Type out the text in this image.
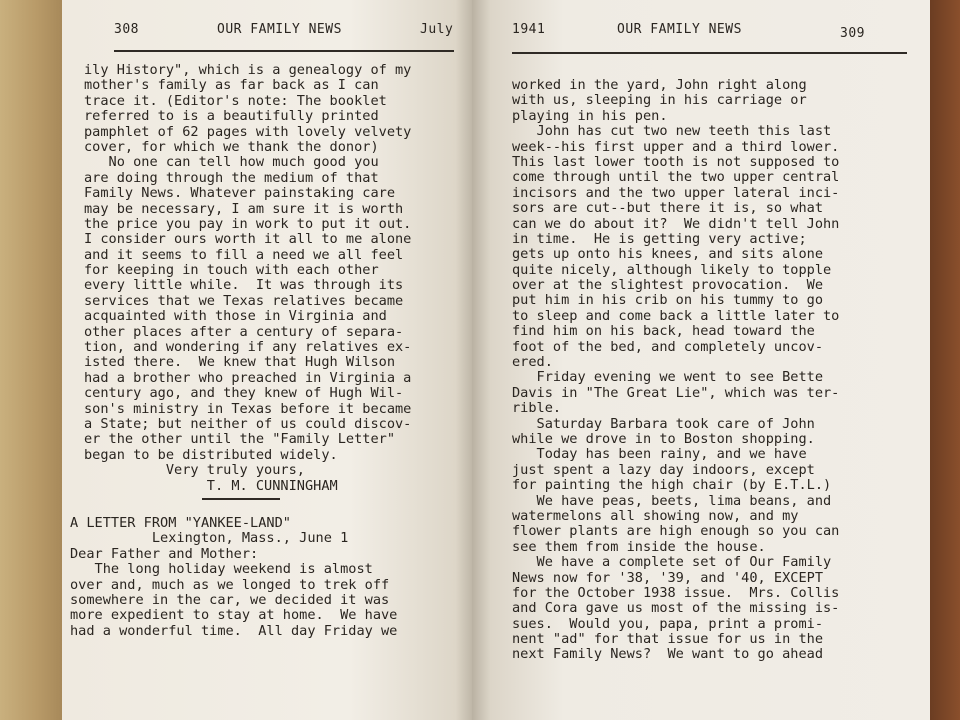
308	OUR FAMILY NEWS	July
ily History", which is a genealogy of my
mother's family as far back as I can
trace it. (Editor's note: The booklet
referred to is a beautifully printed
pamphlet of 62 pages with lovely velvety
cover, for which we thank the donor)
No one can tell how much good you
are doing through the medium of that
Family News. Whatever painstaking care
may be necessary, I am sure it is worth
the price you pay in work to put it out.
I consider ours worth it all to me alone
and it seems to fill a need we all feel
for keeping in touch with each other
every little while.  It was through its
services that we Texas relatives became
acquainted with those in Virginia and
other places after a century of separa-
tion, and wondering if any relatives ex-
isted there.  We knew that Hugh Wilson
had a brother who preached in Virginia a
century ago, and they knew of Hugh Wil-
son's ministry in Texas before it became
a State; but neither of us could discov-
er the other until the "Family Letter"
began to be distributed widely.
Very truly yours,
T. M. CUNNINGHAM
A LETTER FROM "YANKEE-LAND"
Lexington, Mass., June 1
Dear Father and Mother:
The long holiday weekend is almost
over and, much as we longed to trek off
somewhere in the car, we decided it was
more expedient to stay at home.  We have
had a wonderful time.  All day Friday we
1941	OUR FAMILY NEWS	309
worked in the yard, John right along
with us, sleeping in his carriage or
playing in his pen.
John has cut two new teeth this last
week--his first upper and a third lower.
This last lower tooth is not supposed to
come through until the two upper central
incisors and the two upper lateral inci-
sors are cut--but there it is, so what
can we do about it?  We didn't tell John
in time.  He is getting very active;
gets up onto his knees, and sits alone
quite nicely, although likely to topple
over at the slightest provocation.  We
put him in his crib on his tummy to go
to sleep and come back a little later to
find him on his back, head toward the
foot of the bed, and completely uncov-
ered.
Friday evening we went to see Bette
Davis in "The Great Lie", which was ter-
rible.
Saturday Barbara took care of John
while we drove in to Boston shopping.
Today has been rainy, and we have
just spent a lazy day indoors, except
for painting the high chair (by E.T.L.)
We have peas, beets, lima beans, and
watermelons all showing now, and my
flower plants are high enough so you can
see them from inside the house.
We have a complete set of Our Family
News now for '38, '39, and '40, EXCEPT
for the October 1938 issue.  Mrs. Collis
and Cora gave us most of the missing is-
sues.  Would you, papa, print a promi-
nent "ad" for that issue for us in the
next Family News?  We want to go ahead
